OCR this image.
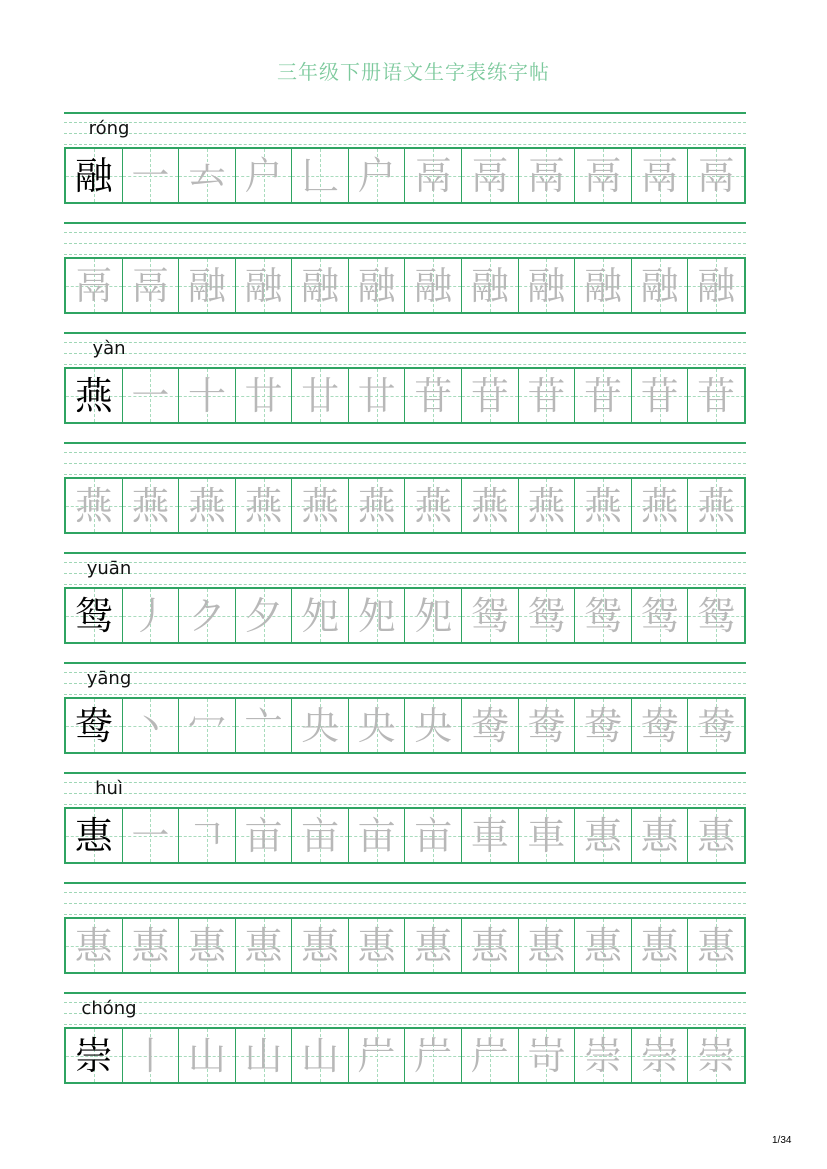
三年级下册语文生字表练字帖
róng
融 一 𠫓 户 𠃊 户 鬲 鬲 鬲 鬲 鬲 鬲
鬲 鬲 融 融 融 融 融 融 融 融 融 融
yàn
燕 一 十 廿 廿 廿 苷 苷 苷 苷 苷 苷
燕 燕 燕 燕 燕 燕 燕 燕 燕 燕 燕 燕
yuān
鸳 丿 ク 夕 夗 夗 夗 鸳 鸳 鸳 鸳 鸳
yāng
鸯 丶 冖 亠 央 央 央 鸯 鸯 鸯 鸯 鸯
huì
惠 一 𠃍 亩 亩 亩 亩 車 車 惠 惠 惠
惠 惠 惠 惠 惠 惠 惠 惠 惠 惠 惠 惠
chóng
崇 丨 山 山 山 屵 屵 屵 岢 崇 崇 崇
1/34
